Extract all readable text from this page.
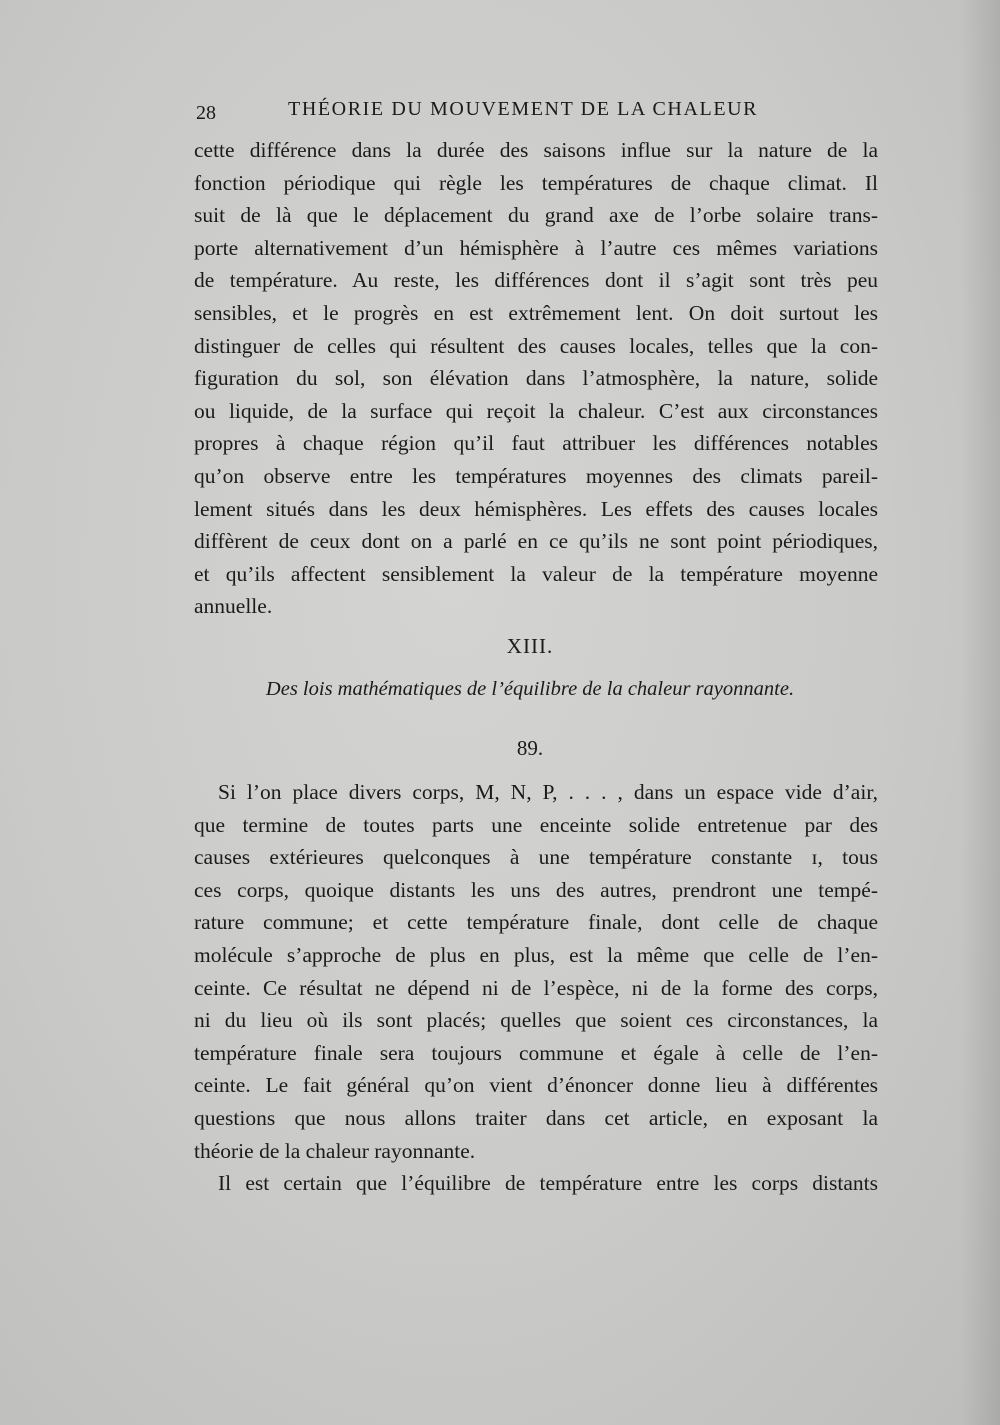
28	THÉORIE DU MOUVEMENT DE LA CHALEUR
cette différence dans la durée des saisons influe sur la nature de la
fonction périodique qui règle les températures de chaque climat. Il
suit de là que le déplacement du grand axe de l’orbe solaire trans-
porte alternativement d’un hémisphère à l’autre ces mêmes variations
de température. Au reste, les différences dont il s’agit sont très peu
sensibles, et le progrès en est extrêmement lent. On doit surtout les
distinguer de celles qui résultent des causes locales, telles que la con-
figuration du sol, son élévation dans l’atmosphère, la nature, solide
ou liquide, de la surface qui reçoit la chaleur. C’est aux circonstances
propres à chaque région qu’il faut attribuer les différences notables
qu’on observe entre les températures moyennes des climats pareil-
lement situés dans les deux hémisphères. Les effets des causes locales
diffèrent de ceux dont on a parlé en ce qu’ils ne sont point périodiques,
et qu’ils affectent sensiblement la valeur de la température moyenne
annuelle.
XIII.
Des lois mathématiques de l’équilibre de la chaleur rayonnante.
89.
Si l’on place divers corps, M, N, P, . . . , dans un espace vide d’air,
que termine de toutes parts une enceinte solide entretenue par des
causes extérieures quelconques à une température constante ɪ, tous
ces corps, quoique distants les uns des autres, prendront une tempé-
rature commune; et cette température finale, dont celle de chaque
molécule s’approche de plus en plus, est la même que celle de l’en-
ceinte. Ce résultat ne dépend ni de l’espèce, ni de la forme des corps,
ni du lieu où ils sont placés; quelles que soient ces circonstances, la
température finale sera toujours commune et égale à celle de l’en-
ceinte. Le fait général qu’on vient d’énoncer donne lieu à différentes
questions que nous allons traiter dans cet article, en exposant la
théorie de la chaleur rayonnante.
Il est certain que l’équilibre de température entre les corps distants
